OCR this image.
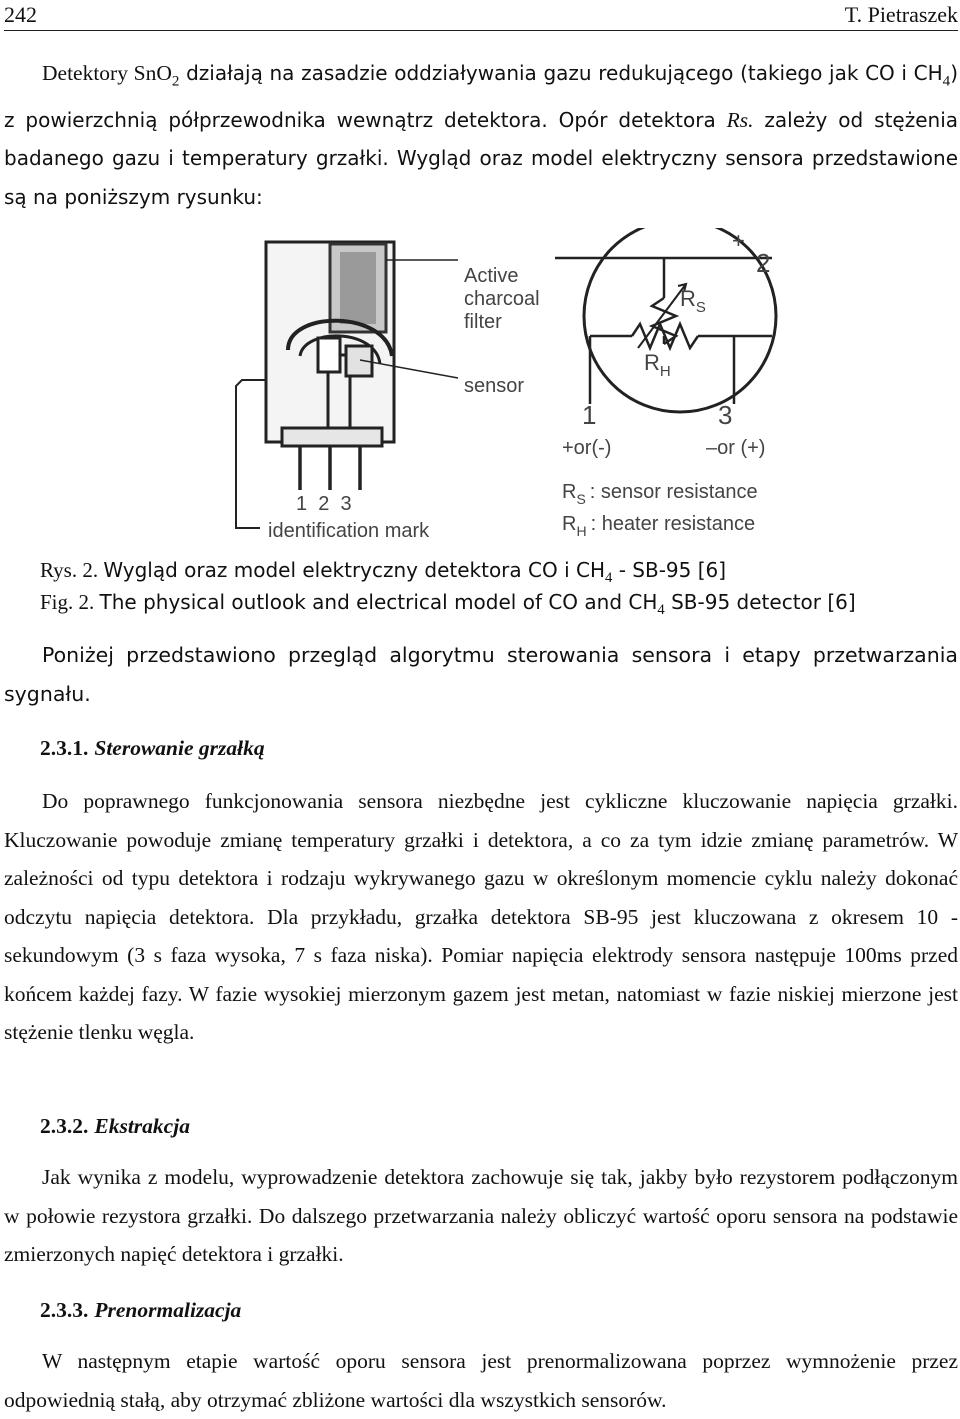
242	T. Pietraszek
Detektory SnO$_2$ działają na zasadzie oddziaływania gazu redukującego (takiego jak CO i $CH_4$) z powierzchnią półprzewodnika wewnątrz detektora. Opór detektora Rs. zależy od stężenia badanego gazu i temperatury grzałki. Wygląd oraz model elektryczny sensora przedstawione są na poniższym rysunku:
Active
charcoal
filter
sensor
1  2  3
identification mark
+
2
$R_S$
$R_H$
1	3
+or(-)	–or (+)
$R_S$ : sensor resistance
$R_H$ : heater resistance
Rys. 2. Wygląd oraz model elektryczny detektora CO i $CH_4 - SB-95$ [6]
Fig. 2. The physical outlook and electrical model of CO and $CH_4$ SB-95 detector [6]
Poniżej przedstawiono przegląd algorytmu sterowania sensora i etapy przetwarzania sygnału.
2.3.1. Sterowanie grzałką
Do poprawnego funkcjonowania sensora niezbędne jest cykliczne kluczowanie napięcia grzałki. Kluczowanie powoduje zmianę temperatury grzałki i detektora, a co za tym idzie zmianę parametrów. W zależności od typu detektora i rodzaju wykrywanego gazu w określonym momencie cyklu należy dokonać odczytu napięcia detektora. Dla przykładu, grzałka detektora SB-95 jest kluczowana z okresem 10 - sekundowym (3 s faza wysoka, 7 s faza niska). Pomiar napięcia elektrody sensora następuje 100ms przed końcem każdej fazy. W fazie wysokiej mierzonym gazem jest metan, natomiast w fazie niskiej mierzone jest stężenie tlenku węgla.
2.3.2. Ekstrakcja
Jak wynika z modelu, wyprowadzenie detektora zachowuje się tak, jakby było rezystorem podłączonym w połowie rezystora grzałki. Do dalszego przetwarzania należy obliczyć wartość oporu sensora na podstawie zmierzonych napięć detektora i grzałki.
2.3.3. Prenormalizacja
W następnym etapie wartość oporu sensora jest prenormalizowana poprzez wymnożenie przez odpowiednią stałą, aby otrzymać zbliżone wartości dla wszystkich sensorów.
